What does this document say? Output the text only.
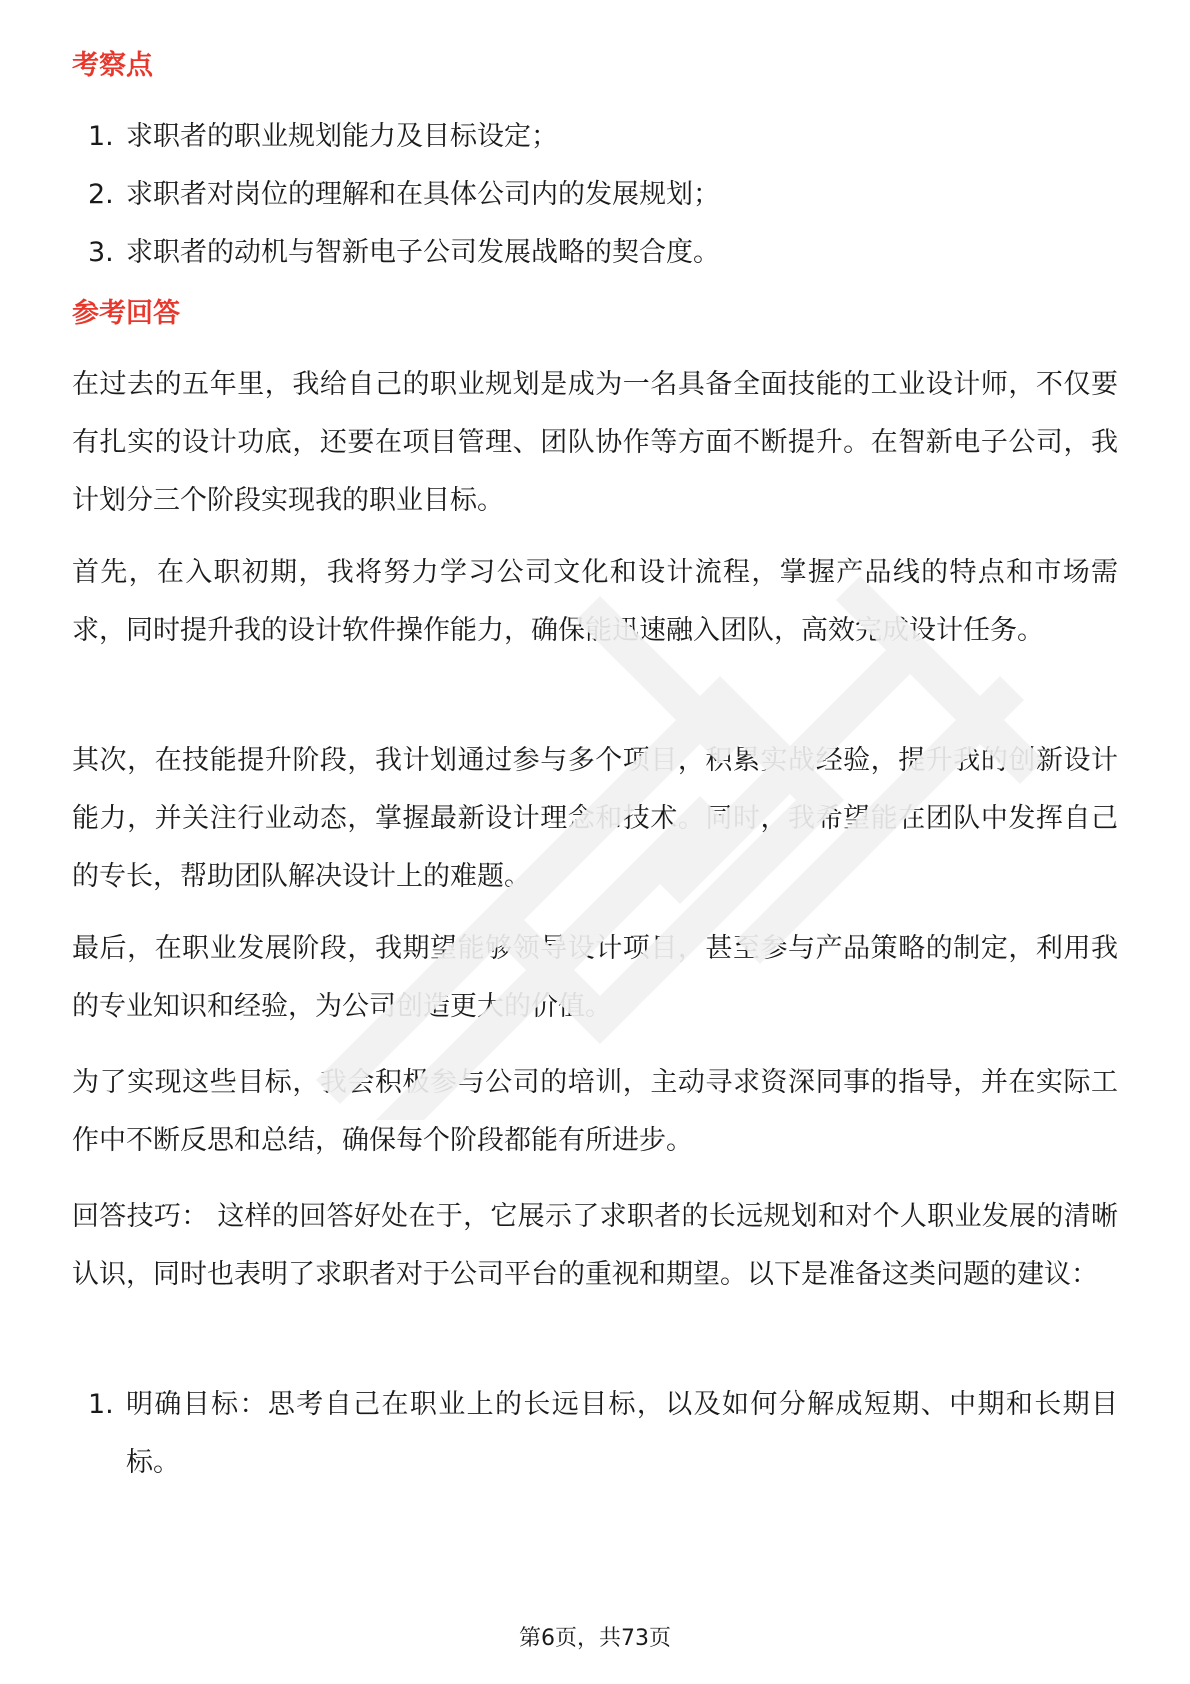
考察点
1. 求职者的职业规划能力及目标设定；
2. 求职者对岗位的理解和在具体公司内的发展规划；
3. 求职者的动机与智新电子公司发展战略的契合度。
参考回答
在过去的五年里，我给自己的职业规划是成为一名具备全面技能的工业设计师，不仅要有扎实的设计功底，还要在项目管理、团队协作等方面不断提升。在智新电子公司，我计划分三个阶段实现我的职业目标。
首先，在入职初期，我将努力学习公司文化和设计流程，掌握产品线的特点和市场需求，同时提升我的设计软件操作能力，确保能迅速融入团队，高效完成设计任务。
其次，在技能提升阶段，我计划通过参与多个项目，积累实战经验，提升我的创新设计能力，并关注行业动态，掌握最新设计理念和技术。同时，我希望能在团队中发挥自己的专长，帮助团队解决设计上的难题。
最后，在职业发展阶段，我期望能够领导设计项目，甚至参与产品策略的制定，利用我的专业知识和经验，为公司创造更大的价值。
为了实现这些目标，我会积极参与公司的培训，主动寻求资深同事的指导，并在实际工作中不断反思和总结，确保每个阶段都能有所进步。
回答技巧： 这样的回答好处在于，它展示了求职者的长远规划和对个人职业发展的清晰认识，同时也表明了求职者对于公司平台的重视和期望。以下是准备这类问题的建议：
1. 明确目标：思考自己在职业上的长远目标，以及如何分解成短期、中期和长期目标。
第6页，共73页
